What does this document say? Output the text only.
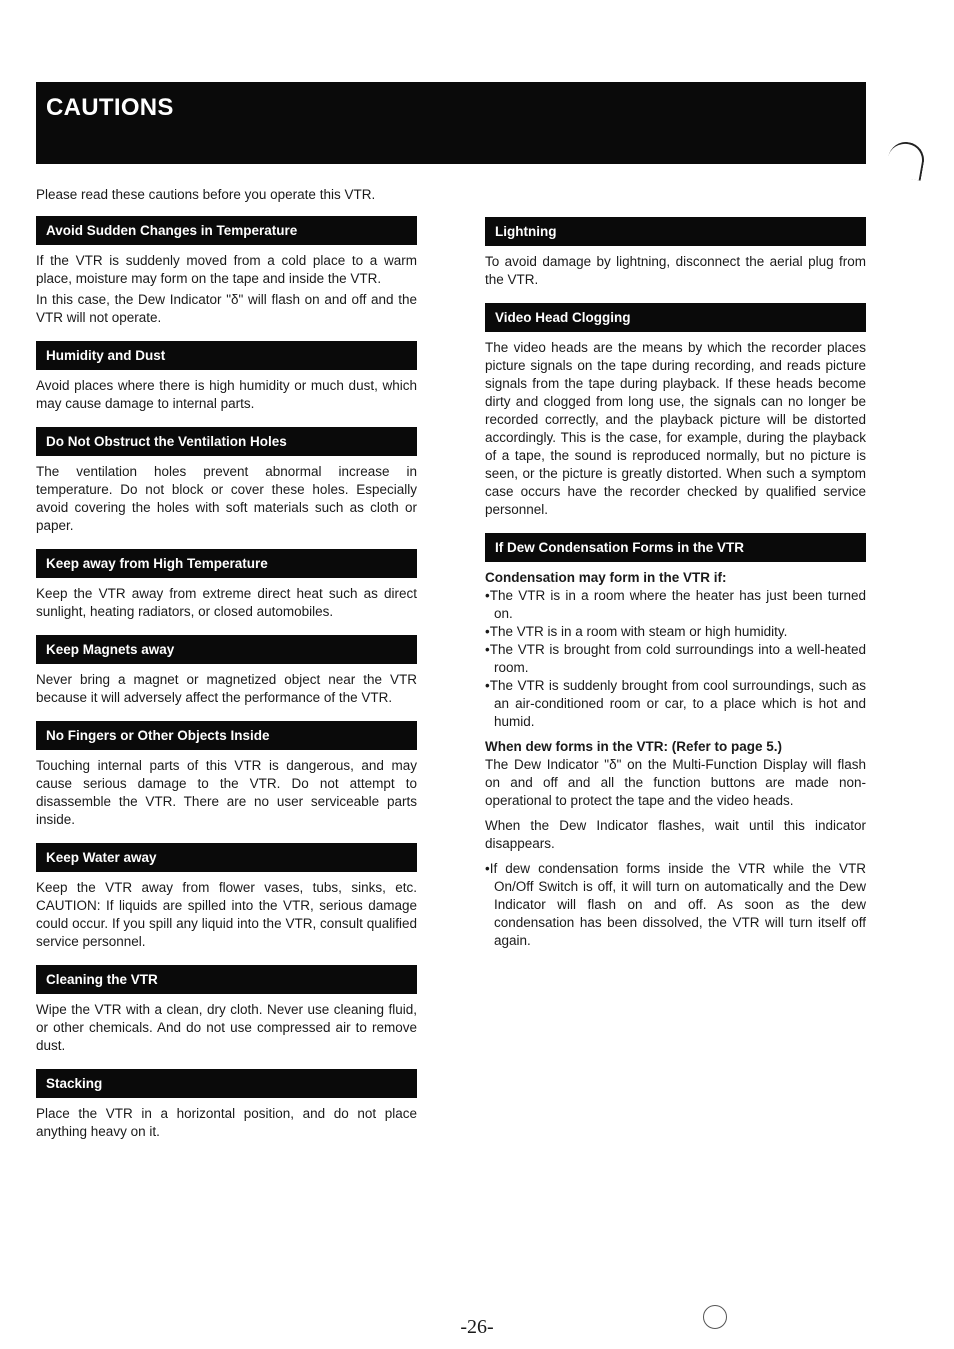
CAUTIONS
Please read these cautions before you operate this VTR.
Avoid Sudden Changes in Temperature

If the VTR is suddenly moved from a cold place to a warm place, moisture may form on the tape and inside the VTR.

In this case, the Dew Indicator "δ" will flash on and off and the VTR will not operate.

Humidity and Dust

Avoid places where there is high humidity or much dust, which may cause damage to internal parts.

Do Not Obstruct the Ventilation Holes

The ventilation holes prevent abnormal increase in temperature. Do not block or cover these holes. Especially avoid covering the holes with soft materials such as cloth or paper.

Keep away from High Temperature

Keep the VTR away from extreme direct heat such as direct sunlight, heating radiators, or closed automobiles.

Keep Magnets away

Never bring a magnet or magnetized object near the VTR because it will adversely affect the performance of the VTR.

No Fingers or Other Objects Inside

Touching internal parts of this VTR is dangerous, and may cause serious damage to the VTR. Do not attempt to disassemble the VTR. There are no user serviceable parts inside.

Keep Water away

Keep the VTR away from flower vases, tubs, sinks, etc. CAUTION: If liquids are spilled into the VTR, serious damage could occur. If you spill any liquid into the VTR, consult qualified service personnel.

Cleaning the VTR

Wipe the VTR with a clean, dry cloth. Never use cleaning fluid, or other chemicals. And do not use compressed air to remove dust.

Stacking

Place the VTR in a horizontal position, and do not place anything heavy on it.

Lightning

To avoid damage by lightning, disconnect the aerial plug from the VTR.

Video Head Clogging

The video heads are the means by which the recorder places picture signals on the tape during recording, and reads picture signals from the tape during playback. If these heads become dirty and clogged from long use, the signals can no longer be recorded correctly, and the playback picture will be distorted accordingly. This is the case, for example, during the playback of a tape, the sound is reproduced normally, but no picture is seen, or the picture is greatly distorted. When such a symptom case occurs have the recorder checked by qualified service personnel.

If Dew Condensation Forms in the VTR

Condensation may form in the VTR if:

• The VTR is in a room where the heater has just been turned on.

• The VTR is in a room with steam or high humidity.

• The VTR is brought from cold surroundings into a well-heated room.

• The VTR is suddenly brought from cool surroundings, such as an air-conditioned room or car, to a place which is hot and humid.

When dew forms in the VTR: (Refer to page 5.)

The Dew Indicator "δ" on the Multi-Function Display will flash on and off and all the function buttons are made non-operational to protect the tape and the video heads.

When the Dew Indicator flashes, wait until this indicator disappears.

• If dew condensation forms inside the VTR while the VTR On/Off Switch is off, it will turn on automatically and the Dew Indicator will flash on and off. As soon as the dew condensation has been dissolved, the VTR will turn itself off again.

-26-
